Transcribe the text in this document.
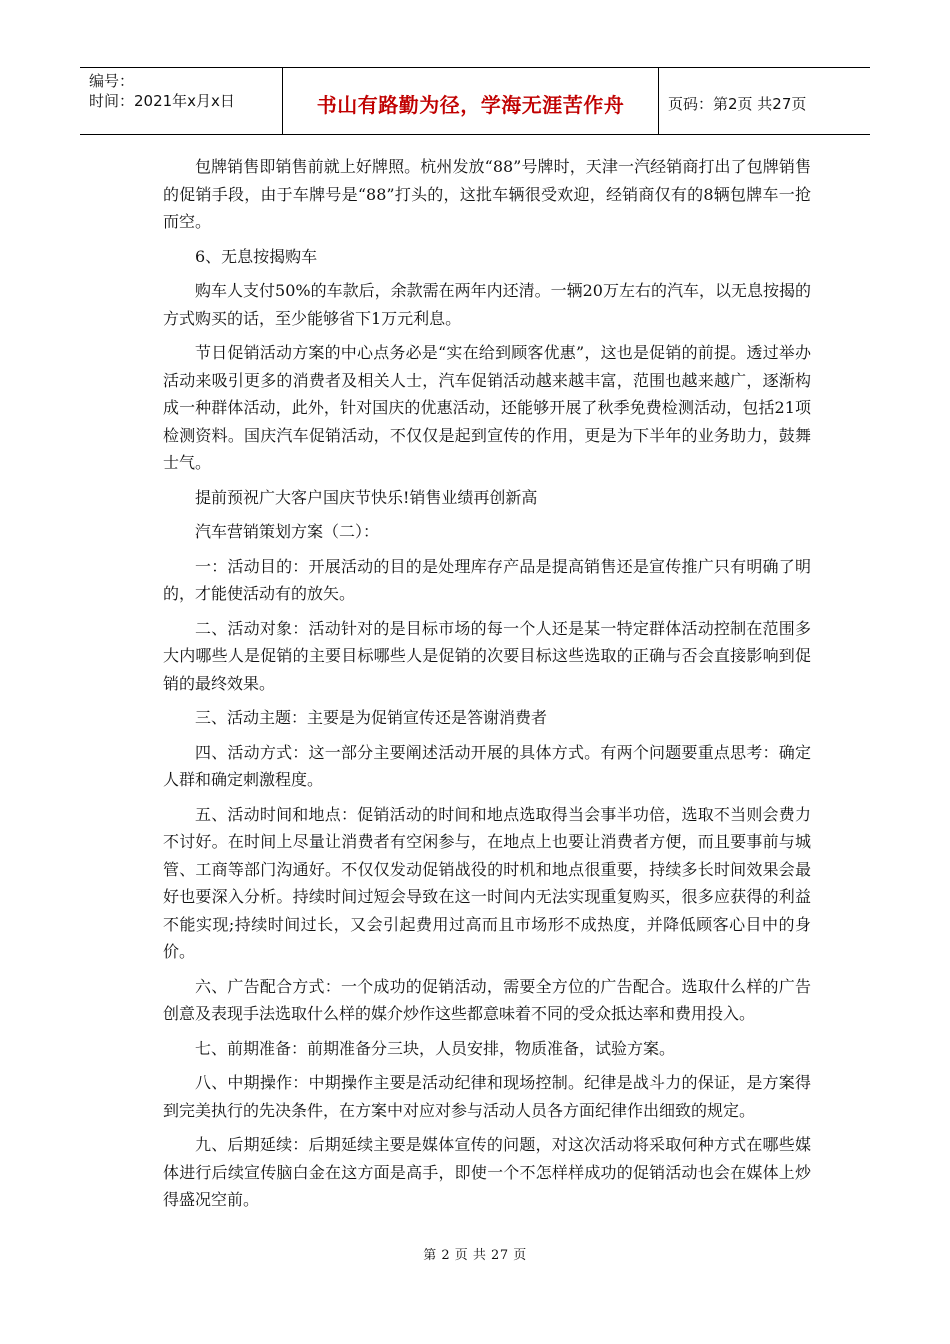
编号：
时间：2021年x月x日	书山有路勤为径，学海无涯苦作舟	页码：第2页 共27页

包牌销售即销售前就上好牌照。杭州发放“88”号牌时，天津一汽经销商打出了包牌销售的促销手段，由于车牌号是“88”打头的，这批车辆很受欢迎，经销商仅有的8辆包牌车一抢而空。

6、无息按揭购车

购车人支付50%的车款后，余款需在两年内还清。一辆20万左右的汽车，以无息按揭的方式购买的话，至少能够省下1万元利息。

节日促销活动方案的中心点务必是“实在给到顾客优惠”，这也是促销的前提。透过举办活动来吸引更多的消费者及相关人士，汽车促销活动越来越丰富，范围也越来越广，逐渐构成一种群体活动，此外，针对国庆的优惠活动，还能够开展了秋季免费检测活动，包括21项检测资料。国庆汽车促销活动，不仅仅是起到宣传的作用，更是为下半年的业务助力，鼓舞士气。

提前预祝广大客户国庆节快乐!销售业绩再创新高

汽车营销策划方案（二）：

一：活动目的：开展活动的目的是处理库存产品是提高销售还是宣传推广只有明确了明的，才能使活动有的放矢。

二、活动对象：活动针对的是目标市场的每一个人还是某一特定群体活动控制在范围多大内哪些人是促销的主要目标哪些人是促销的次要目标这些选取的正确与否会直接影响到促销的最终效果。

三、活动主题：主要是为促销宣传还是答谢消费者

四、活动方式：这一部分主要阐述活动开展的具体方式。有两个问题要重点思考：确定人群和确定刺激程度。

五、活动时间和地点：促销活动的时间和地点选取得当会事半功倍，选取不当则会费力不讨好。在时间上尽量让消费者有空闲参与，在地点上也要让消费者方便，而且要事前与城管、工商等部门沟通好。不仅仅发动促销战役的时机和地点很重要，持续多长时间效果会最好也要深入分析。持续时间过短会导致在这一时间内无法实现重复购买，很多应获得的利益不能实现;持续时间过长，又会引起费用过高而且市场形不成热度，并降低顾客心目中的身价。

六、广告配合方式：一个成功的促销活动，需要全方位的广告配合。选取什么样的广告创意及表现手法选取什么样的媒介炒作这些都意味着不同的受众抵达率和费用投入。

七、前期准备：前期准备分三块，人员安排，物质准备，试验方案。

八、中期操作：中期操作主要是活动纪律和现场控制。纪律是战斗力的保证，是方案得到完美执行的先决条件，在方案中对应对参与活动人员各方面纪律作出细致的规定。

九、后期延续：后期延续主要是媒体宣传的问题，对这次活动将采取何种方式在哪些媒体进行后续宣传脑白金在这方面是高手，即使一个不怎样样成功的促销活动也会在媒体上炒得盛况空前。

第 2 页 共 27 页
